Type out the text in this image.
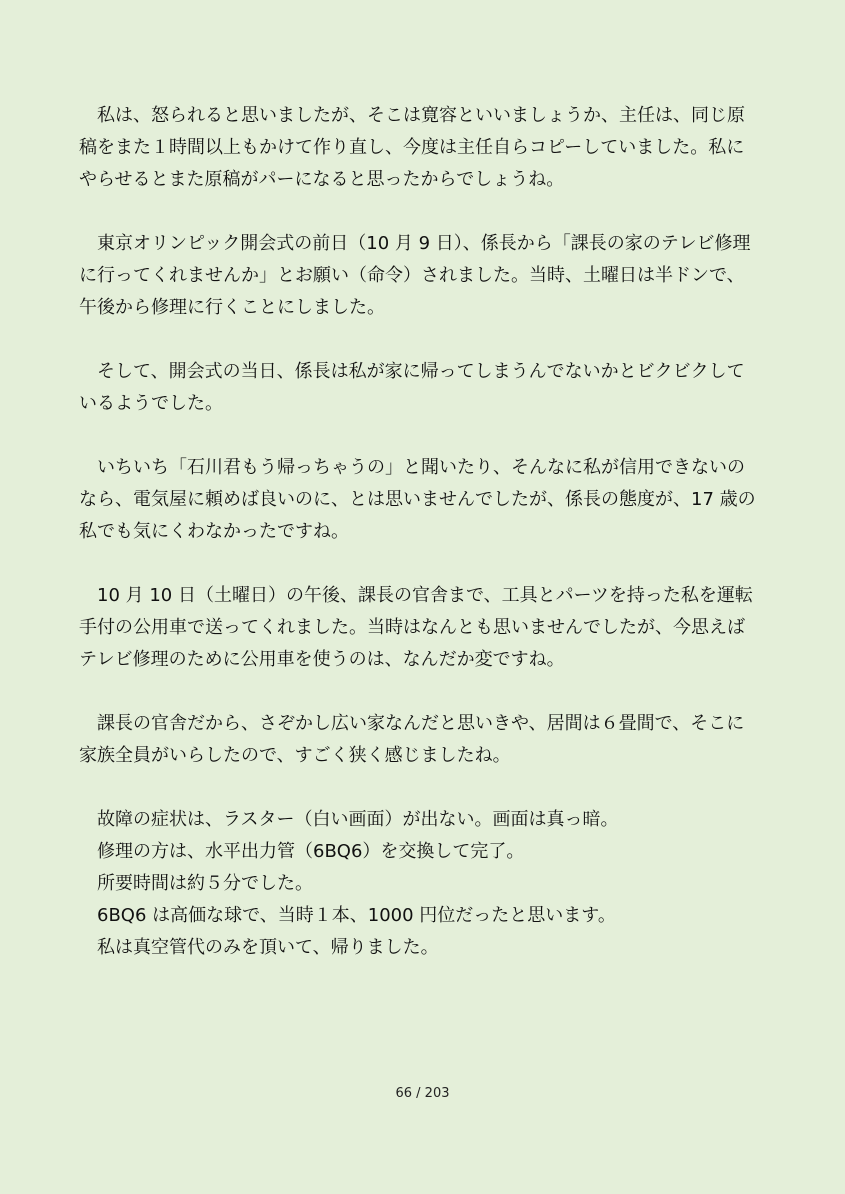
私は、怒られると思いましたが、そこは寛容といいましょうか、主任は、同じ原稿をまた１時間以上もかけて作り直し、今度は主任自らコピーしていました。私にやらせるとまた原稿がパーになると思ったからでしょうね。

東京オリンピック開会式の前日（10 月 9 日）、係長から「課長の家のテレビ修理に行ってくれませんか」とお願い（命令）されました。当時、土曜日は半ドンで、午後から修理に行くことにしました。

そして、開会式の当日、係長は私が家に帰ってしまうんでないかとビクビクしているようでした。

いちいち「石川君もう帰っちゃうの」と聞いたり、そんなに私が信用できないのなら、電気屋に頼めば良いのに、とは思いませんでしたが、係長の態度が、17 歳の私でも気にくわなかったですね。

10 月 10 日（土曜日）の午後、課長の官舎まで、工具とパーツを持った私を運転手付の公用車で送ってくれました。当時はなんとも思いませんでしたが、今思えばテレビ修理のために公用車を使うのは、なんだか変ですね。

課長の官舎だから、さぞかし広い家なんだと思いきや、居間は６畳間で、そこに家族全員がいらしたので、すごく狭く感じましたね。

故障の症状は、ラスター（白い画面）が出ない。画面は真っ暗。

修理の方は、水平出力管（6BQ6）を交換して完了。

所要時間は約５分でした。

6BQ6 は高価な球で、当時１本、1000 円位だったと思います。

私は真空管代のみを頂いて、帰りました。

66 / 203
